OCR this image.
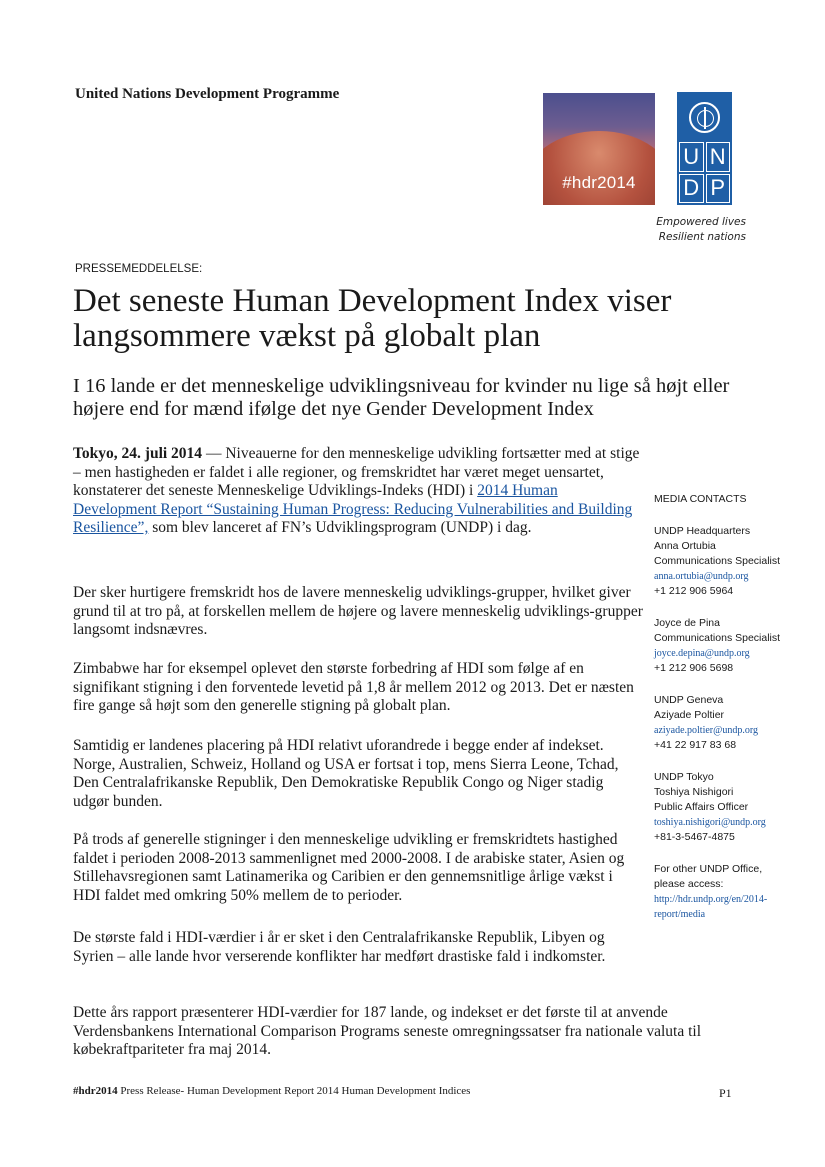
United Nations Development Programme
#hdr2014
U N
D P
Empowered lives
Resilient nations
PRESSEMEDDELELSE:
Det seneste Human Development Index viser langsommere vækst på globalt plan
I 16 lande er det menneskelige udviklingsniveau for kvinder nu lige så højt eller højere end for mænd ifølge det nye Gender Development Index

Tokyo, 24. juli 2014 — Niveauerne for den menneskelige udvikling fortsætter med at stige – men hastigheden er faldet i alle regioner, og fremskridtet har været meget uensartet, konstaterer det seneste Menneskelige Udviklings-Indeks (HDI) i 2014 Human Development Report “Sustaining Human Progress: Reducing Vulnerabilities and Building Resilience”, som blev lanceret af FN’s Udviklingsprogram (UNDP) i dag.

Der sker hurtigere fremskridt hos de lavere menneskelig udviklings-grupper, hvilket giver grund til at tro på, at forskellen mellem de højere og lavere menneskelig udviklings-grupper langsomt indsnævres.

Zimbabwe har for eksempel oplevet den største forbedring af HDI som følge af en signifikant stigning i den forventede levetid på 1,8 år mellem 2012 og 2013. Det er næsten fire gange så højt som den generelle stigning på globalt plan.

Samtidig er landenes placering på HDI relativt uforandrede i begge ender af indekset. Norge, Australien, Schweiz, Holland og USA er fortsat i top, mens Sierra Leone, Tchad, Den Centralafrikanske Republik, Den Demokratiske Republik Congo og Niger stadig udgør bunden.

På trods af generelle stigninger i den menneskelige udvikling er fremskridtets hastighed faldet i perioden 2008-2013 sammenlignet med 2000-2008. I de arabiske stater, Asien og Stillehavsregionen samt Latinamerika og Caribien er den gennemsnitlige årlige vækst i HDI faldet med omkring 50% mellem de to perioder.

De største fald i HDI-værdier i år er sket i den Centralafrikanske Republik, Libyen og Syrien – alle lande hvor verserende konflikter har medført drastiske fald i indkomster.

Dette års rapport præsenterer HDI-værdier for 187 lande, og indekset er det første til at anvende Verdensbankens International Comparison Programs seneste omregningssatser fra nationale valuta til købekraftpariteter fra maj 2014.

MEDIA CONTACTS
UNDP Headquarters
Anna Ortubia
Communications Specialist
anna.ortubia@undp.org
+1 212 906 5964
Joyce de Pina
Communications Specialist
joyce.depina@undp.org
+1 212 906 5698
UNDP Geneva
Aziyade Poltier
aziyade.poltier@undp.org
+41 22 917 83 68
UNDP Tokyo
Toshiya Nishigori
Public Affairs Officer
toshiya.nishigori@undp.org
+81-3-5467-4875
For other UNDP Office,
please access:
http://hdr.undp.org/en/2014-report/media
#hdr2014 Press Release- Human Development Report 2014 Human Development Indices	P1
